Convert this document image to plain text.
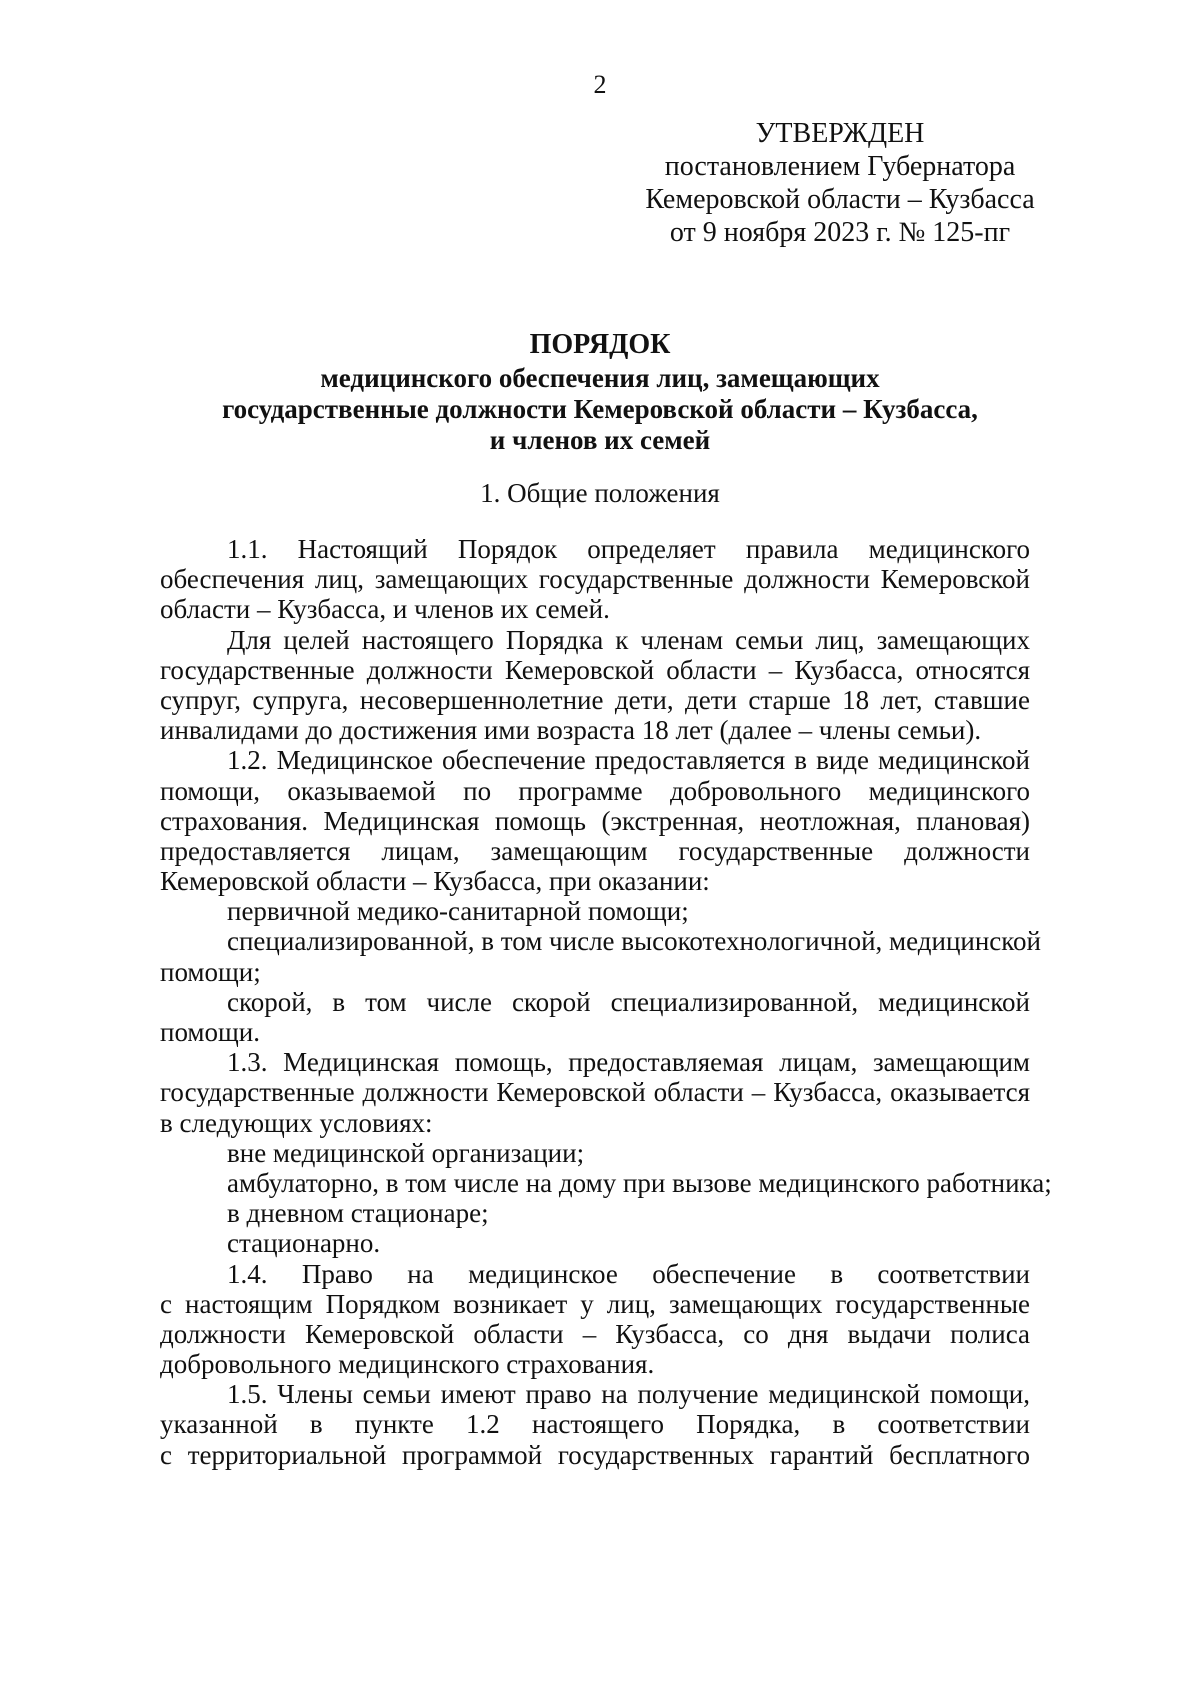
2
УТВЕРЖДЕН
постановлением Губернатора
Кемеровской области – Кузбасса
от 9 ноября 2023 г. № 125-пг
ПОРЯДОК
медицинского обеспечения лиц, замещающих
государственные должности Кемеровской области – Кузбасса,
и членов их семей
1. Общие положения
1.1. Настоящий Порядок определяет правила медицинского
обеспечения лиц, замещающих государственные должности Кемеровской
области – Кузбасса, и членов их семей.
Для целей настоящего Порядка к членам семьи лиц, замещающих
государственные должности Кемеровской области – Кузбасса, относятся
супруг, супруга, несовершеннолетние дети, дети старше 18 лет, ставшие
инвалидами до достижения ими возраста 18 лет (далее – члены семьи).
1.2. Медицинское обеспечение предоставляется в виде медицинской
помощи, оказываемой по программе добровольного медицинского
страхования. Медицинская помощь (экстренная, неотложная, плановая)
предоставляется лицам, замещающим государственные должности
Кемеровской области – Кузбасса, при оказании:
первичной медико-санитарной помощи;
специализированной, в том числе высокотехнологичной, медицинской
помощи;
скорой, в том числе скорой специализированной, медицинской
помощи.
1.3. Медицинская помощь, предоставляемая лицам, замещающим
государственные должности Кемеровской области – Кузбасса, оказывается
в следующих условиях:
вне медицинской организации;
амбулаторно, в том числе на дому при вызове медицинского работника;
в дневном стационаре;
стационарно.
1.4. Право на медицинское обеспечение в соответствии
с настоящим Порядком возникает у лиц, замещающих государственные
должности Кемеровской области – Кузбасса, со дня выдачи полиса
добровольного медицинского страхования.
1.5. Члены семьи имеют право на получение медицинской помощи,
указанной в пункте 1.2 настоящего Порядка, в соответствии
с территориальной программой государственных гарантий бесплатного
